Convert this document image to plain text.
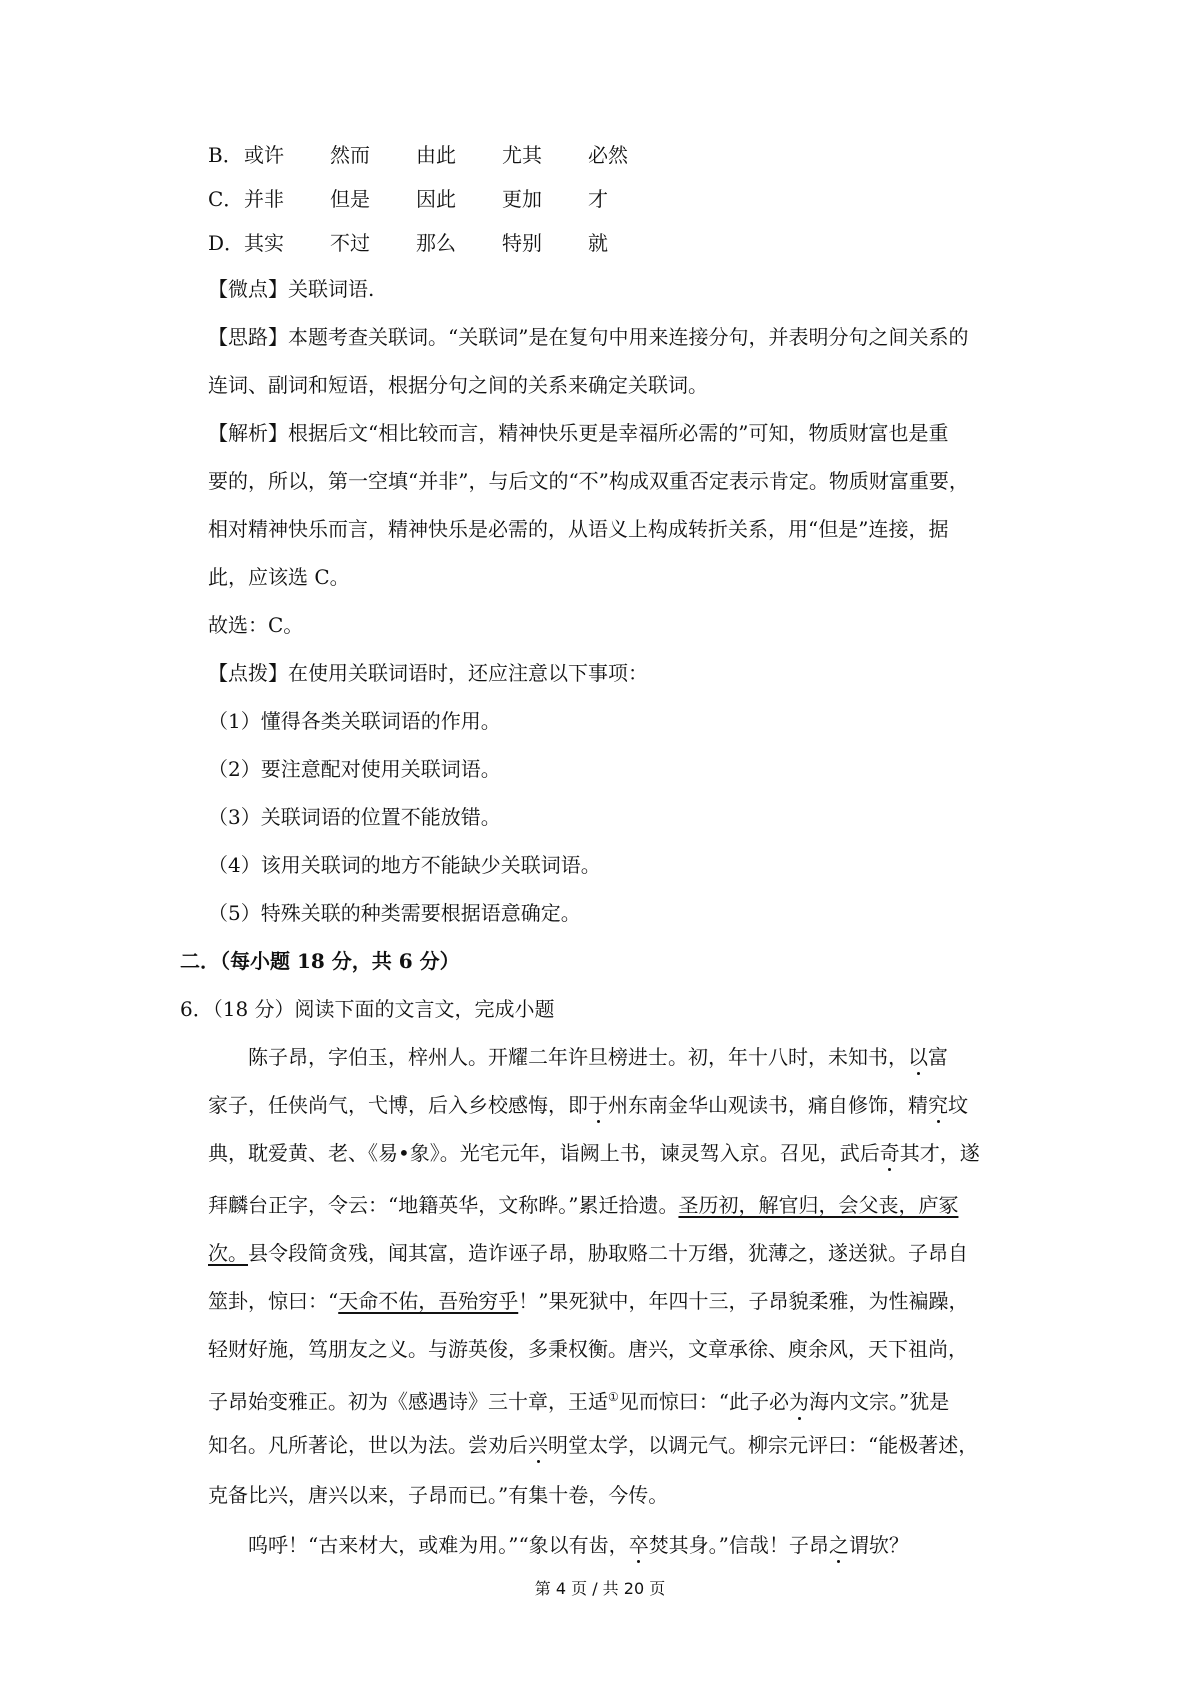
B．或许 然而 由此 尤其 必然
C．并非 但是 因此 更加 才
D．其实 不过 那么 特别 就
【微点】关联词语.
【思路】本题考查关联词。“关联词”是在复句中用来连接分句，并表明分句之间关系的
连词、副词和短语，根据分句之间的关系来确定关联词。
【解析】根据后文“相比较而言，精神快乐更是幸福所必需的”可知，物质财富也是重
要的，所以，第一空填“并非”，与后文的“不”构成双重否定表示肯定。物质财富重要，
相对精神快乐而言，精神快乐是必需的，从语义上构成转折关系，用“但是”连接，据
此，应该选 C。
故选：C。
【点拨】在使用关联词语时，还应注意以下事项：
（1）懂得各类关联词语的作用。
（2）要注意配对使用关联词语。
（3）关联词语的位置不能放错。
（4）该用关联词的地方不能缺少关联词语。
（5）特殊关联的种类需要根据语意确定。
二．（每小题 18 分，共 6 分）
6．（18 分）阅读下面的文言文，完成小题
　　陈子昂，字伯玉，梓州人。开耀二年许旦榜进士。初，年十八时，未知书，以富
家子，任侠尚气，弋博，后入乡校感悔，即于州东南金华山观读书，痛自修饰，精究坟
典，耽爱黄、老、《易•象》。光宅元年，诣阙上书，谏灵驾入京。召见，武后奇其才，遂
拜麟台正字，令云：“地籍英华，文称晔。”累迁拾遗。圣历初，解官归，会父丧，庐冢
次。县令段简贪残，闻其富，造诈诬子昂，胁取赂二十万缗，犹薄之，遂送狱。子昂自
筮卦，惊曰：“天命不佑，吾殆穷乎！”果死狱中，年四十三，子昂貌柔雅，为性褊躁，
轻财好施，笃朋友之义。与游英俊，多秉权衡。唐兴，文章承徐、庾余风，天下祖尚，
子昂始变雅正。初为《感遇诗》三十章，王适①见而惊曰：“此子必为海内文宗。”犹是
知名。凡所著论，世以为法。尝劝后兴明堂太学，以调元气。柳宗元评曰：“能极著述，
克备比兴，唐兴以来，子昂而已。”有集十卷，今传。
　　呜呼！“古来材大，或难为用。”“象以有齿，卒焚其身。”信哉！子昂之谓欤？
第 4 页 / 共 20 页
